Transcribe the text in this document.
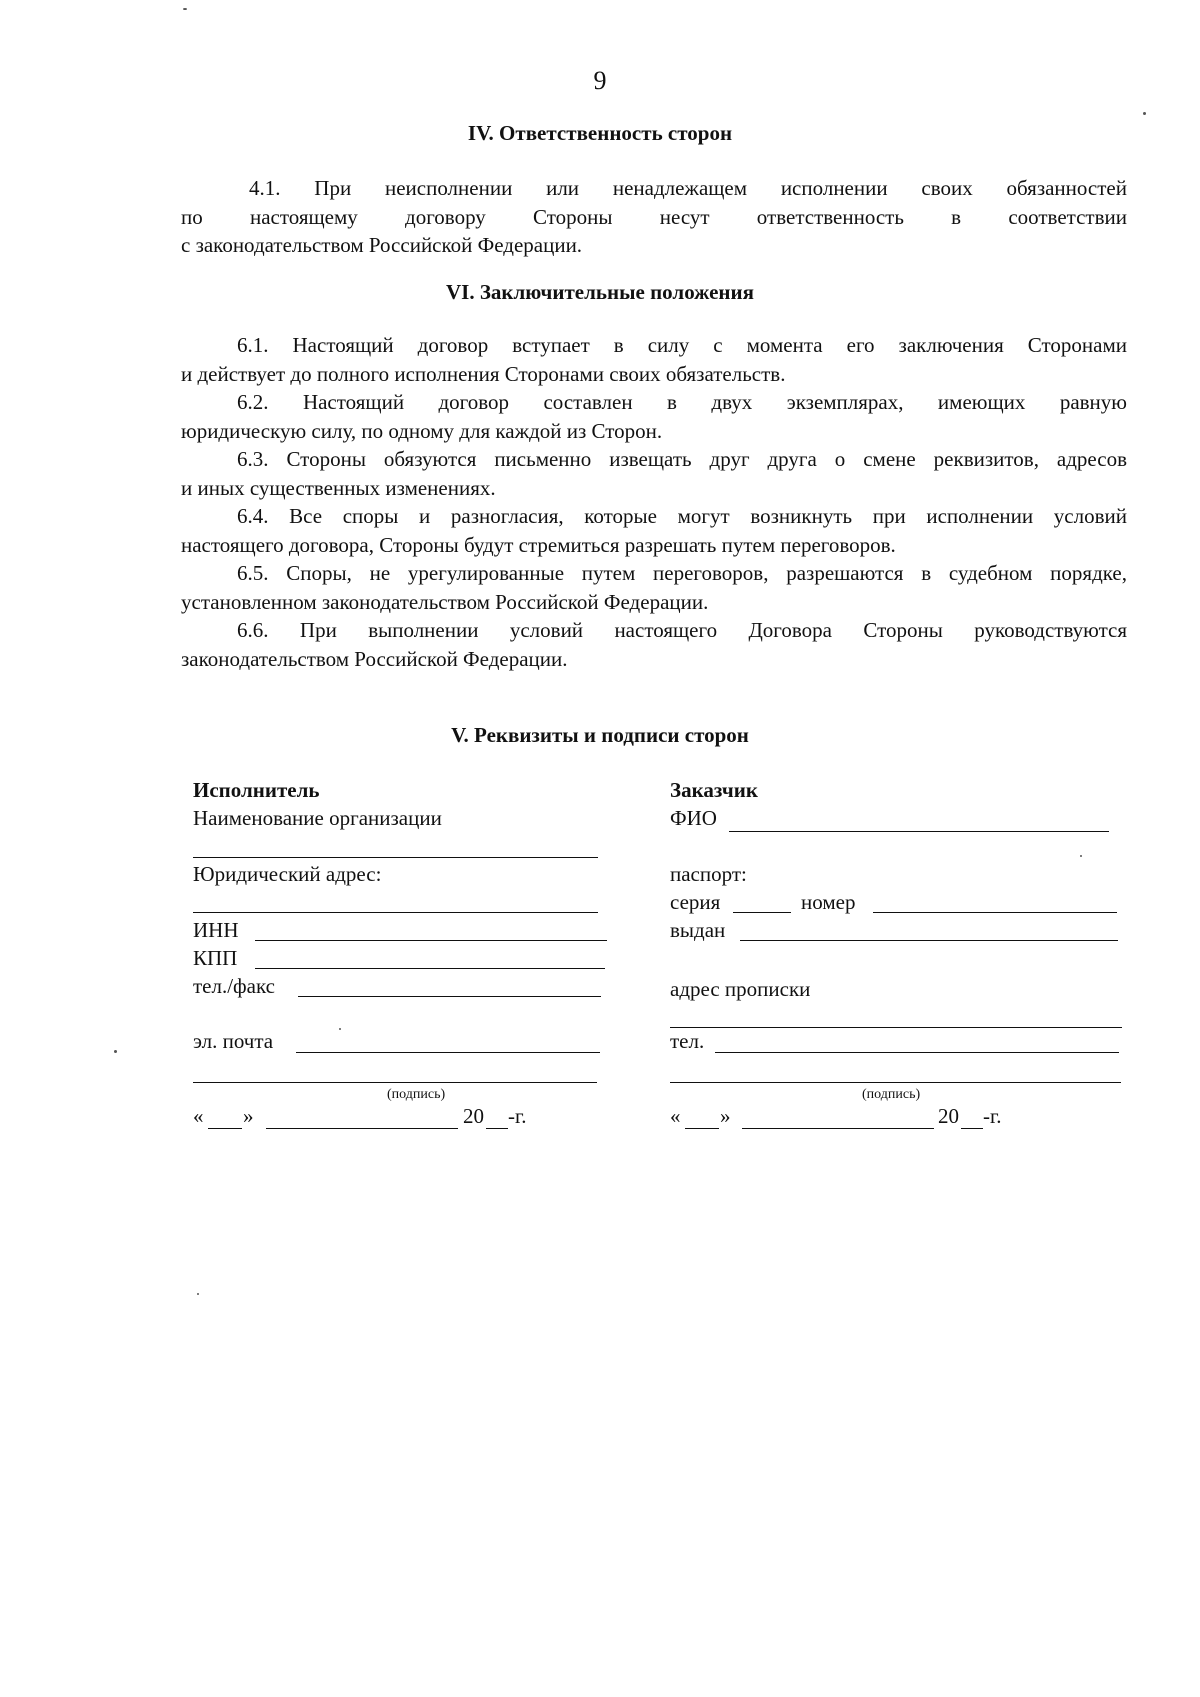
9
IV. Ответственность сторон
4.1. При неисполнении или ненадлежащем исполнении своих обязанностей
по настоящему договору Стороны несут ответственность в соответствии
с законодательством Российской Федерации.
VI. Заключительные положения
6.1. Настоящий договор вступает в силу с момента его заключения Сторонами
и действует до полного исполнения Сторонами своих обязательств.
6.2. Настоящий договор составлен в двух экземплярах, имеющих равную
юридическую силу, по одному для каждой из Сторон.
6.3. Стороны обязуются письменно извещать друг друга о смене реквизитов, адресов
и иных существенных изменениях.
6.4. Все споры и разногласия, которые могут возникнуть при исполнении условий
настоящего договора, Стороны будут стремиться разрешать путем переговоров.
6.5. Споры, не урегулированные путем переговоров, разрешаются в судебном порядке,
установленном законодательством Российской Федерации.
6.6. При выполнении условий настоящего Договора Стороны руководствуются
законодательством Российской Федерации.
V. Реквизиты и подписи сторон
Исполнитель
Наименование организации
Юридический адрес:
ИНН
КПП
тел./факс
эл. почта
(подпись)
« »	20 -г.
Заказчик
ФИО
паспорт:
серия	номер
выдан
адрес прописки
тел.
(подпись)
« »	20 -г.
